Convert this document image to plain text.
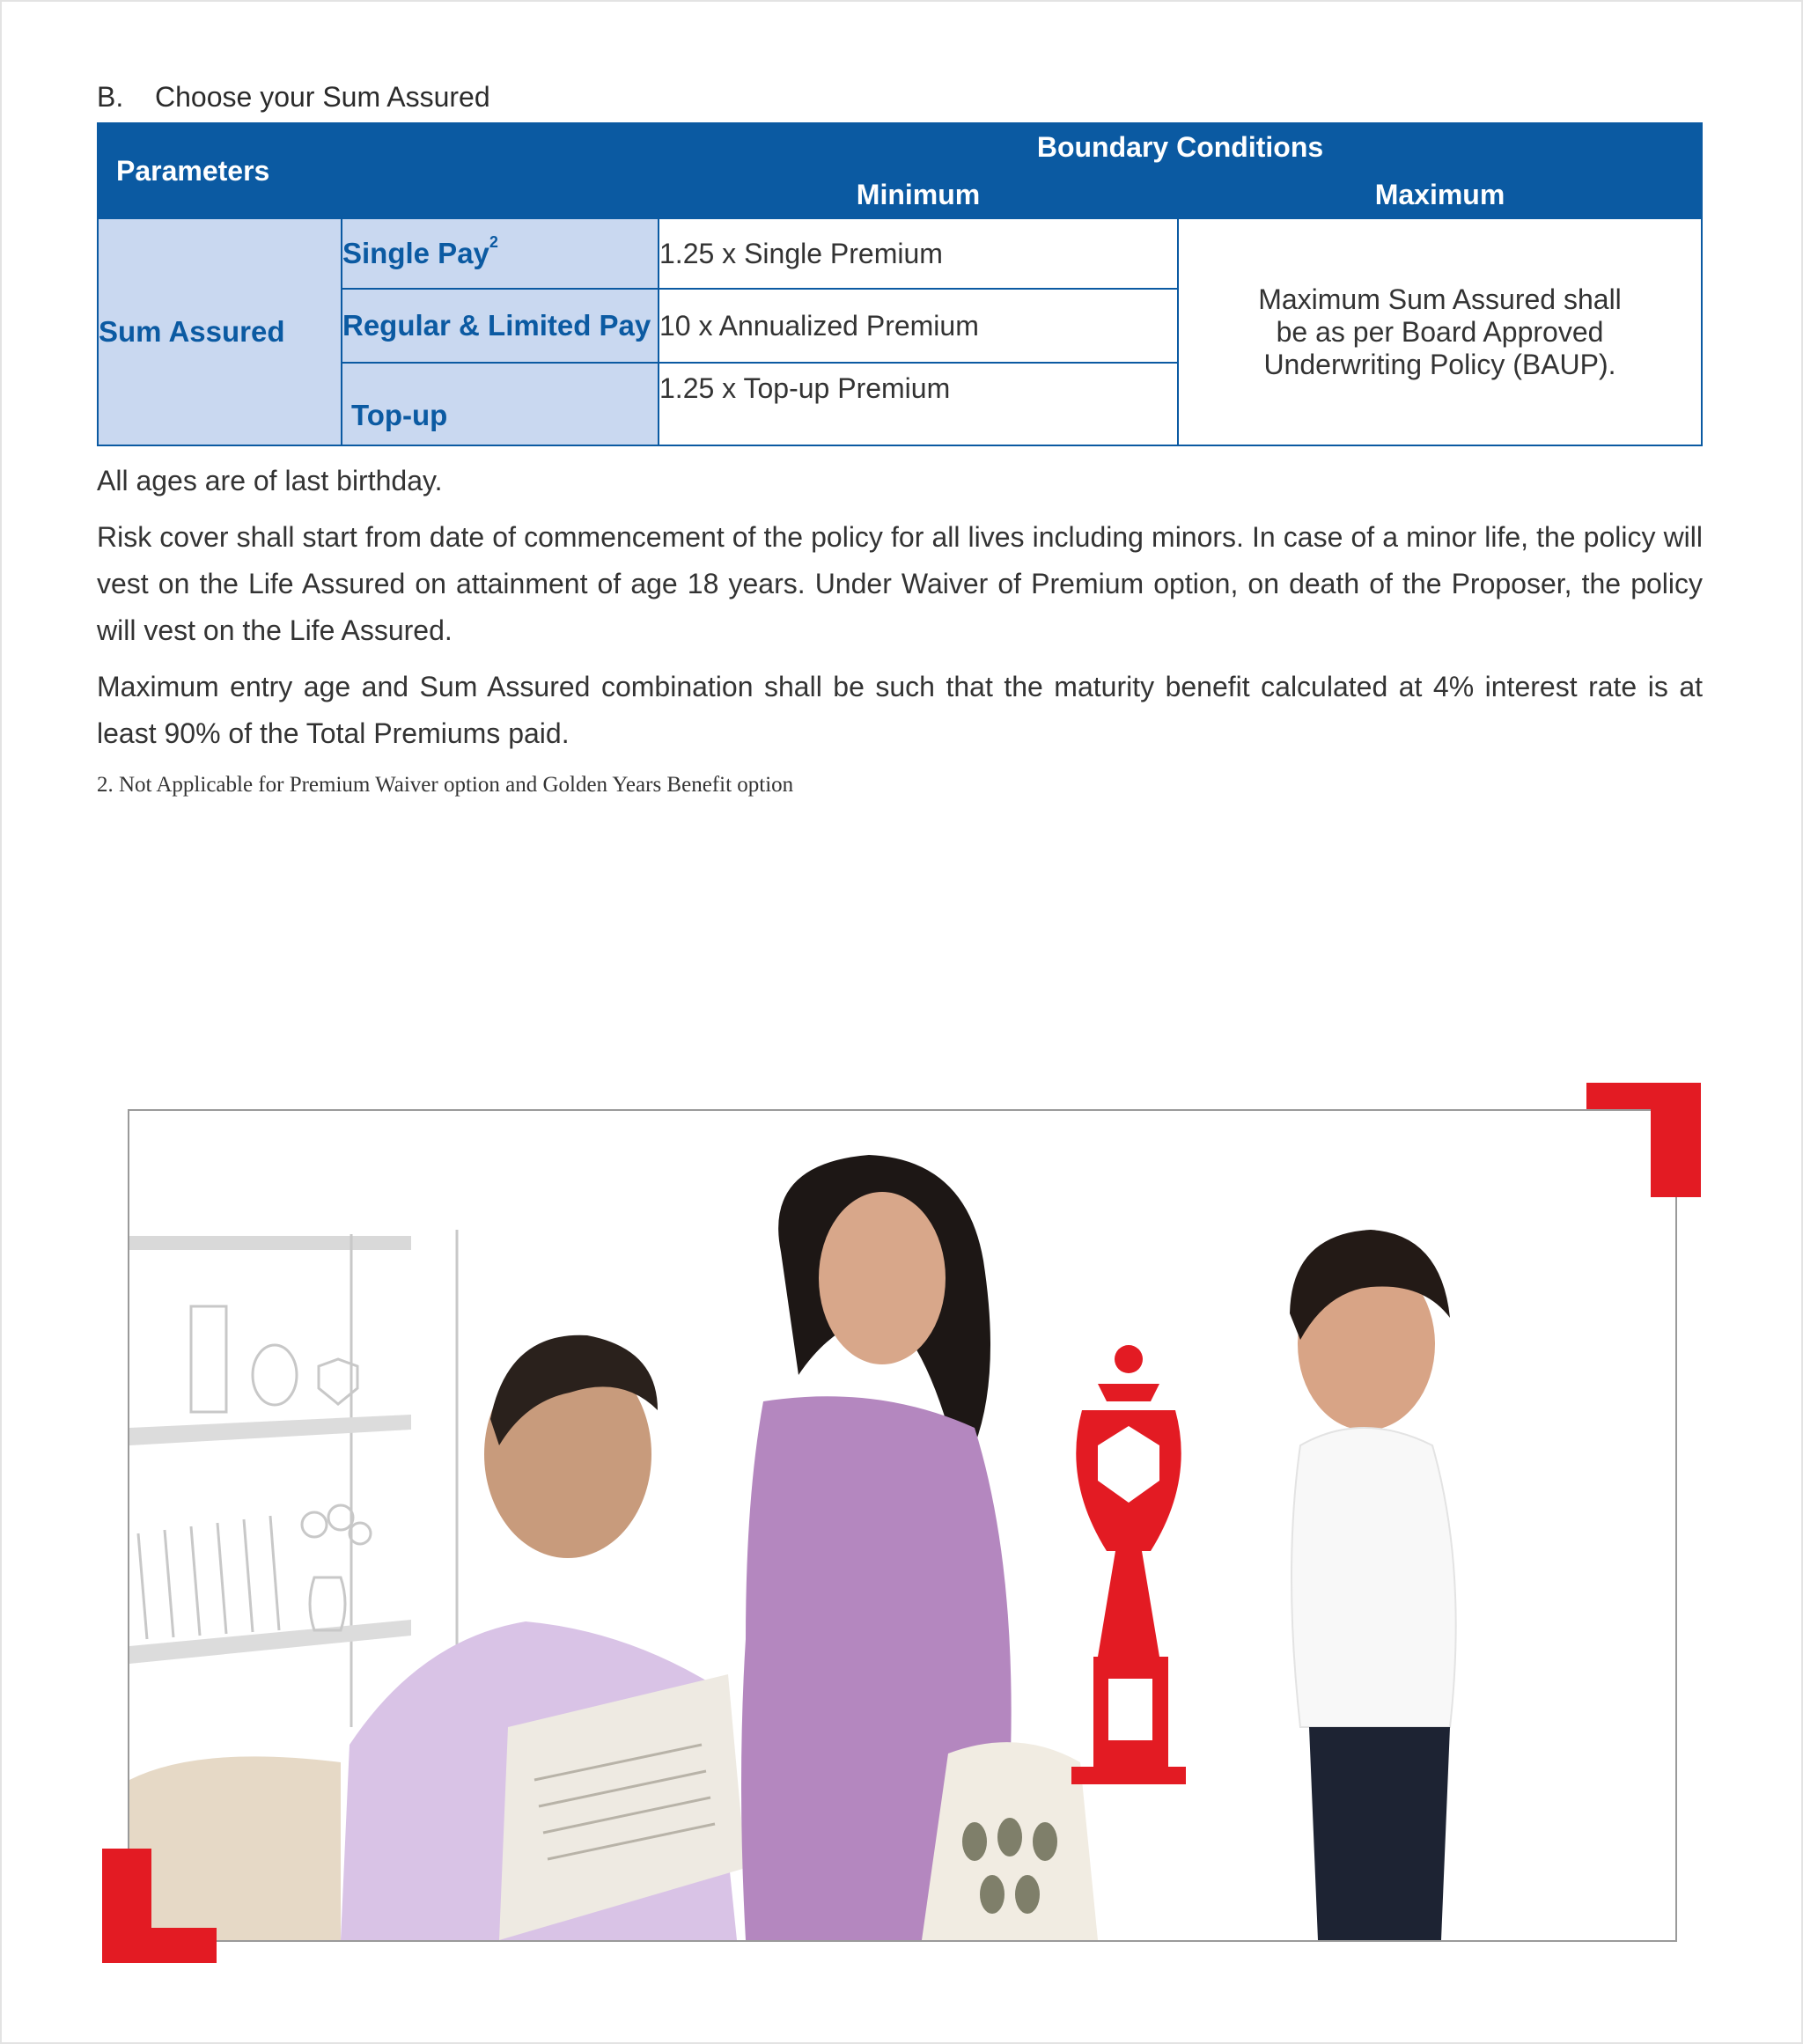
B. Choose your Sum Assured
Parameters		Boundary Conditions	
		Minimum	Maximum
Sum Assured	Single Pay$^2$	1.25 x Single Premium	Maximum Sum Assured shall
be as per Board Approved
Underwriting Policy (BAUP).

	Regular & Limited Pay	10 x Annualized Premium	
	Top-up	1.25 x Top-up Premium	
All ages are of last birthday.
Risk cover shall start from date of commencement of the policy for all lives including minors. In case of a minor life, the policy will vest on the Life Assured on attainment of age 18 years. Under Waiver of Premium option, on death of the Proposer, the policy will vest on the Life Assured.
Maximum entry age and Sum Assured combination shall be such that the maturity benefit calculated at 4% interest rate is at least 90% of the Total Premiums paid.
2. Not Applicable for Premium Waiver option and Golden Years Benefit option
